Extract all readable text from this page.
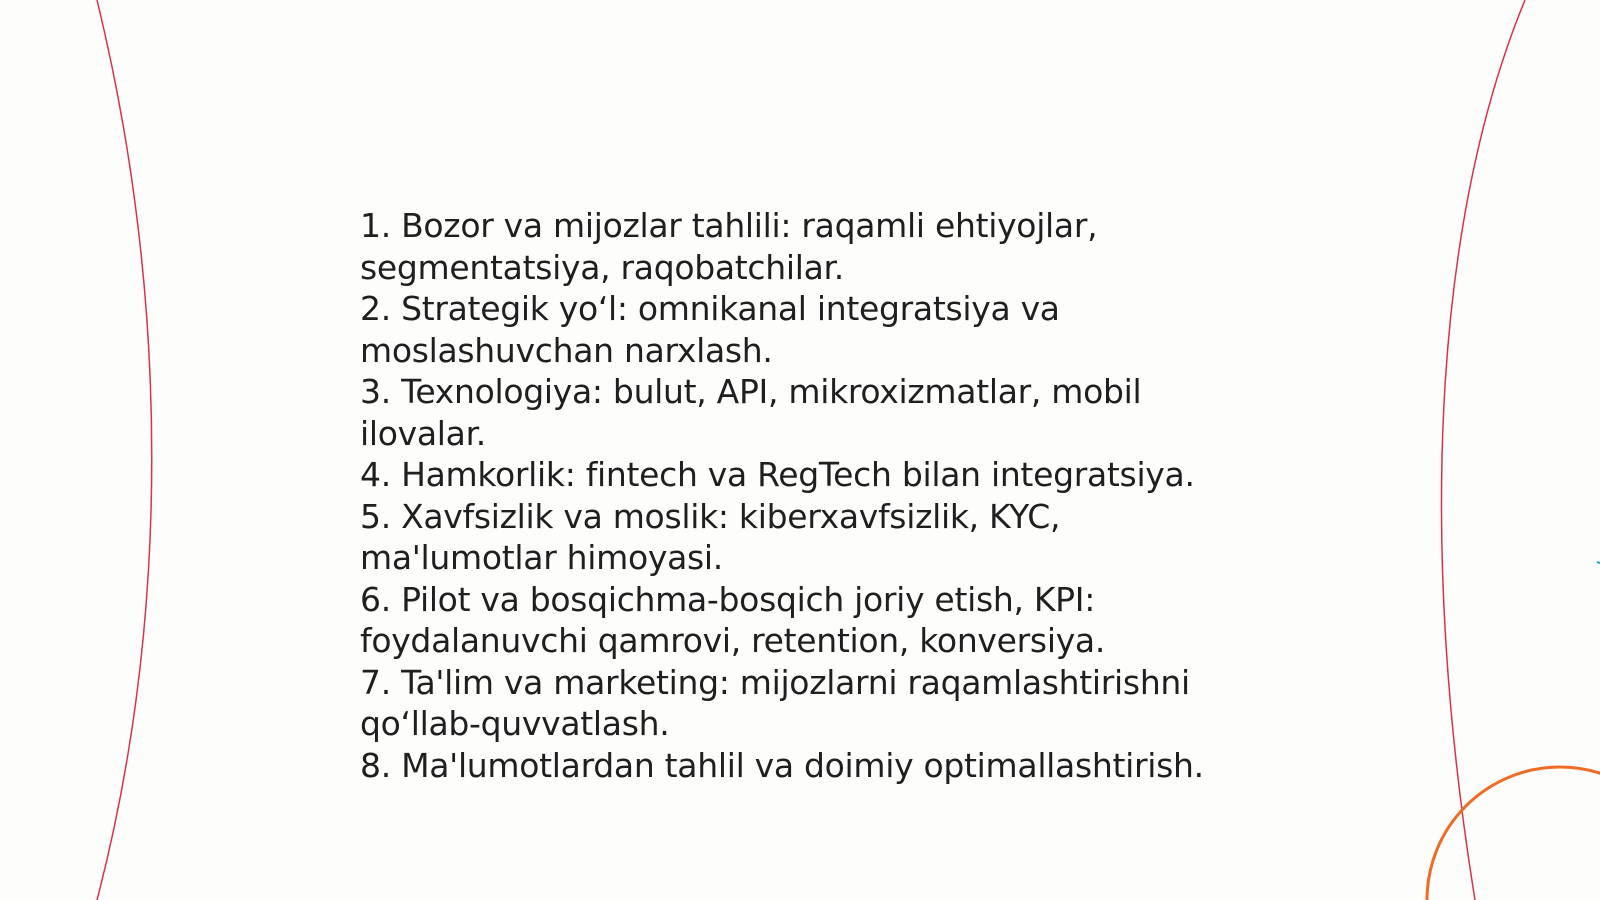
1. Bozor va mijozlar tahlili: raqamli ehtiyojlar, segmentatsiya, raqobatchilar.

2. Strategik yo‘l: omnikanal integratsiya va moslashuvchan narxlash.

3. Texnologiya: bulut, API, mikroxizmatlar, mobil ilovalar.

4. Hamkorlik: fintech va RegTech bilan integratsiya.

5. Xavfsizlik va moslik: kiberxavfsizlik, KYC, ma'lumotlar himoyasi.

6. Pilot va bosqichma-bosqich joriy etish, KPI: foydalanuvchi qamrovi, retention, konversiya.

7. Ta'lim va marketing: mijozlarni raqamlashtirishni qo‘llab-quvvatlash.

8. Ma'lumotlardan tahlil va doimiy optimallashtirish.
